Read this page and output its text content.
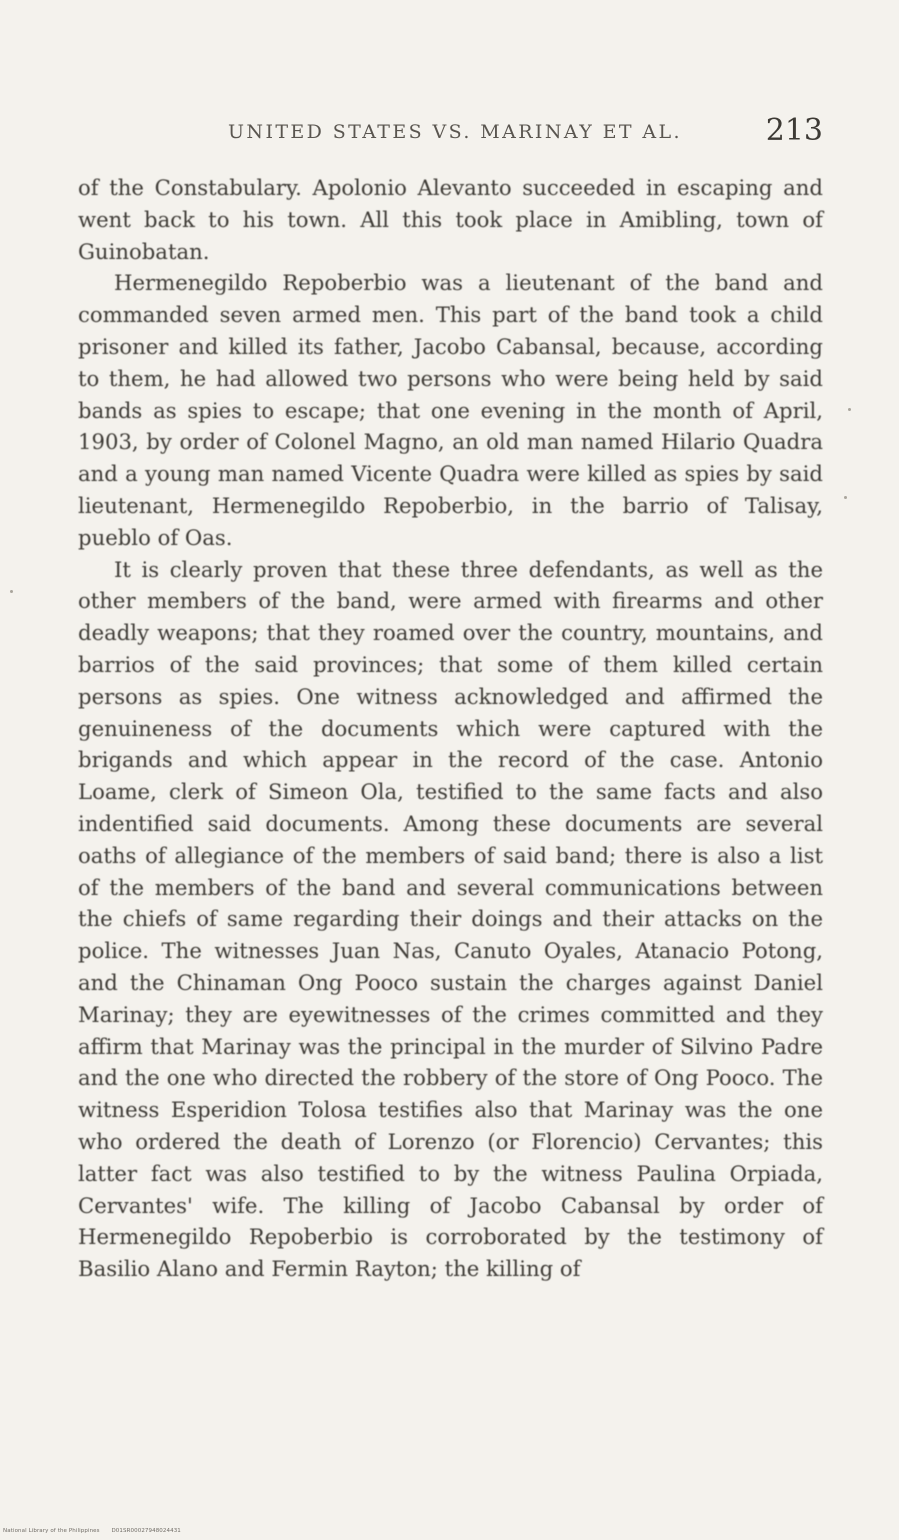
UNITED STATES VS. MARINAY ET AL.	213

of the Constabulary. Apolonio Alevanto succeeded in escaping and went back to his town. All this took place in Amibling, town of Guinobatan.

Hermenegildo Repoberbio was a lieutenant of the band and commanded seven armed men. This part of the band took a child prisoner and killed its father, Jacobo Cabansal, because, according to them, he had allowed two persons who were being held by said bands as spies to escape; that one evening in the month of April, 1903, by order of Colonel Magno, an old man named Hilario Quadra and a young man named Vicente Quadra were killed as spies by said lieutenant, Hermenegildo Repoberbio, in the barrio of Talisay, pueblo of Oas.

It is clearly proven that these three defendants, as well as the other members of the band, were armed with firearms and other deadly weapons; that they roamed over the country, mountains, and barrios of the said provinces; that some of them killed certain persons as spies. One witness acknowledged and affirmed the genuineness of the documents which were captured with the brigands and which appear in the record of the case. Antonio Loame, clerk of Simeon Ola, testified to the same facts and also indentified said documents. Among these documents are several oaths of allegiance of the members of said band; there is also a list of the members of the band and several communications between the chiefs of same regarding their doings and their attacks on the police. The witnesses Juan Nas, Canuto Oyales, Atanacio Potong, and the Chinaman Ong Pooco sustain the charges against Daniel Marinay; they are eyewitnesses of the crimes committed and they affirm that Marinay was the principal in the murder of Silvino Padre and the one who directed the robbery of the store of Ong Pooco. The witness Esperidion Tolosa testifies also that Marinay was the one who ordered the death of Lorenzo (or Florencio) Cervantes; this latter fact was also testified to by the witness Paulina Orpiada, Cervantes' wife. The killing of Jacobo Cabansal by order of Hermenegildo Repoberbio is corroborated by the testimony of Basilio Alano and Fermin Rayton; the killing of

National Library of the Philippines D01SR00027948024431
